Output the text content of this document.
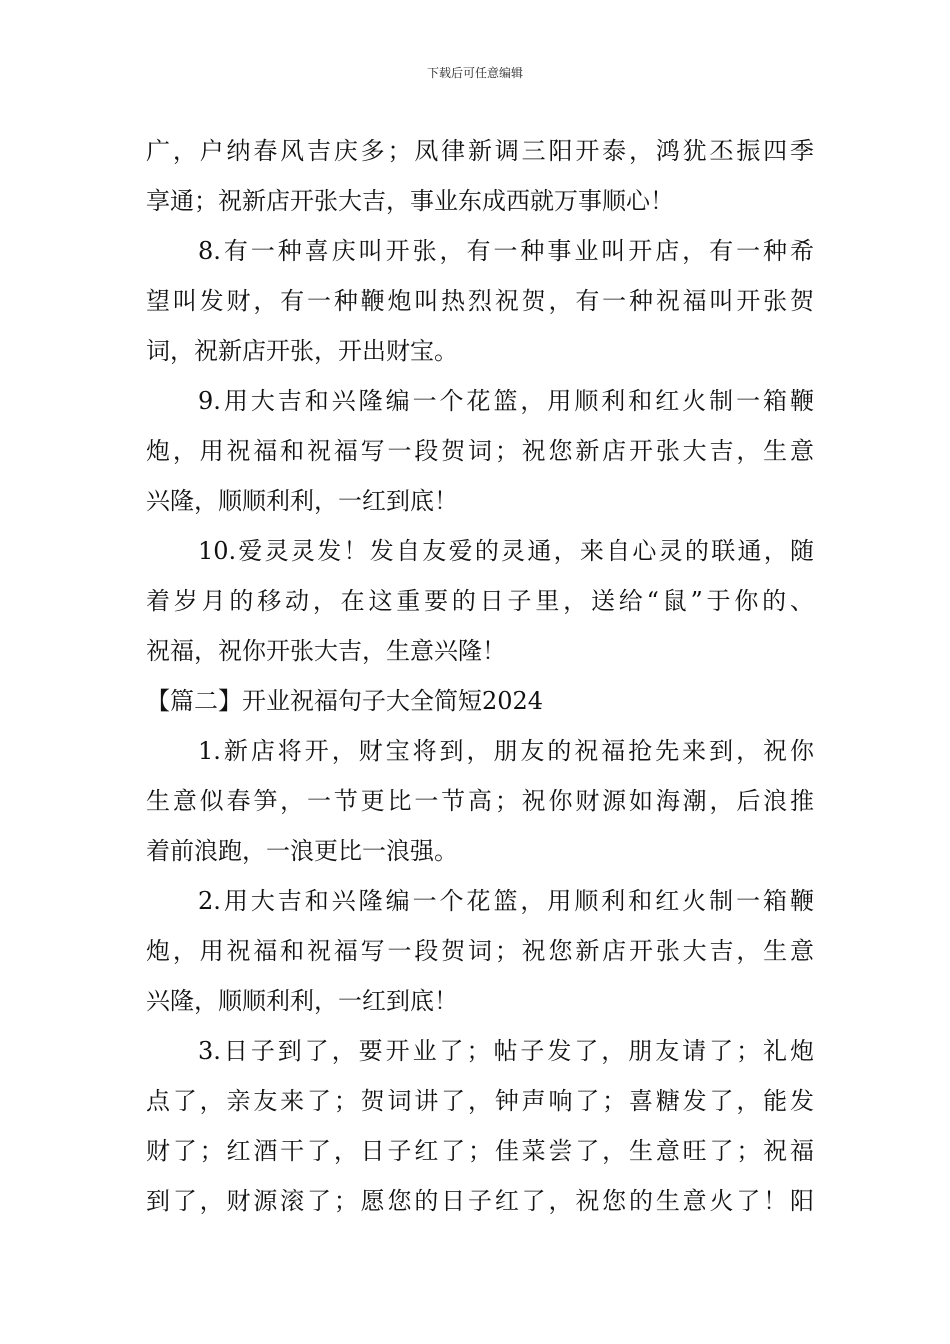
下载后可任意编辑
广，户纳春风吉庆多；凤律新调三阳开泰，鸿犹丕振四季
享通；祝新店开张大吉，事业东成西就万事顺心！
8.有一种喜庆叫开张，有一种事业叫开店，有一种希
望叫发财，有一种鞭炮叫热烈祝贺，有一种祝福叫开张贺
词，祝新店开张，开出财宝。
9.用大吉和兴隆编一个花篮，用顺利和红火制一箱鞭
炮，用祝福和祝福写一段贺词；祝您新店开张大吉，生意
兴隆，顺顺利利，一红到底！
10.爱灵灵发！发自友爱的灵通，来自心灵的联通，随
着岁月的移动，在这重要的日子里，送给“鼠”于你的、
祝福，祝你开张大吉，生意兴隆！
【篇二】开业祝福句子大全简短2024
1.新店将开，财宝将到，朋友的祝福抢先来到，祝你
生意似春笋，一节更比一节高；祝你财源如海潮，后浪推
着前浪跑，一浪更比一浪强。
2.用大吉和兴隆编一个花篮，用顺利和红火制一箱鞭
炮，用祝福和祝福写一段贺词；祝您新店开张大吉，生意
兴隆，顺顺利利，一红到底！
3.日子到了，要开业了；帖子发了，朋友请了；礼炮
点了，亲友来了；贺词讲了，钟声响了；喜糖发了，能发
财了；红酒干了，日子红了；佳菜尝了，生意旺了；祝福
到了，财源滚了；愿您的日子红了，祝您的生意火了！阳
